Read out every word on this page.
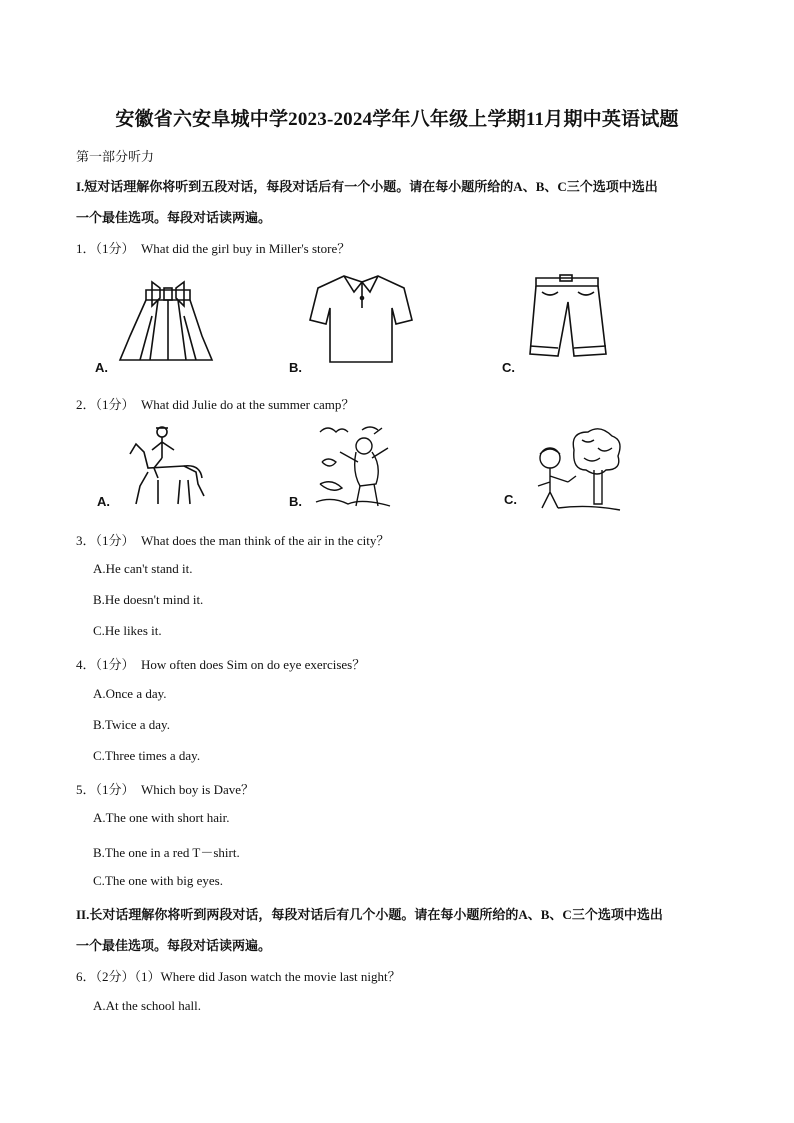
安徽省六安阜城中学2023-2024学年八年级上学期11月期中英语试题
第一部分听力
I.短对话理解你将听到五段对话，每段对话后有一个小题。请在每小题所给的A、B、C三个选项中选出
一个最佳选项。每段对话读两遍。
1．（1分） What did the girl buy in Miller's store？
A.	B.	C.
2．（1分） What did Julie do at the summer camp？
A.	B.	C.
3．（1分） What does the man think of the air in the city？
A.He can't stand it.
B.He doesn't mind it.
C.He likes it.
4．（1分） How often does Sim on do eye exercises？
A.Once a day.
B.Twice a day.
C.Three times a day.
5．（1分） Which boy is Dave？
A.The one with short hair.
B.The one in a red T－shirt.
C.The one with big eyes.
II.长对话理解你将听到两段对话，每段对话后有几个小题。请在每小题所给的A、B、C三个选项中选出
一个最佳选项。每段对话读两遍。
6．（2分）（1）Where did Jason watch the movie last night？
A.At the school hall.
